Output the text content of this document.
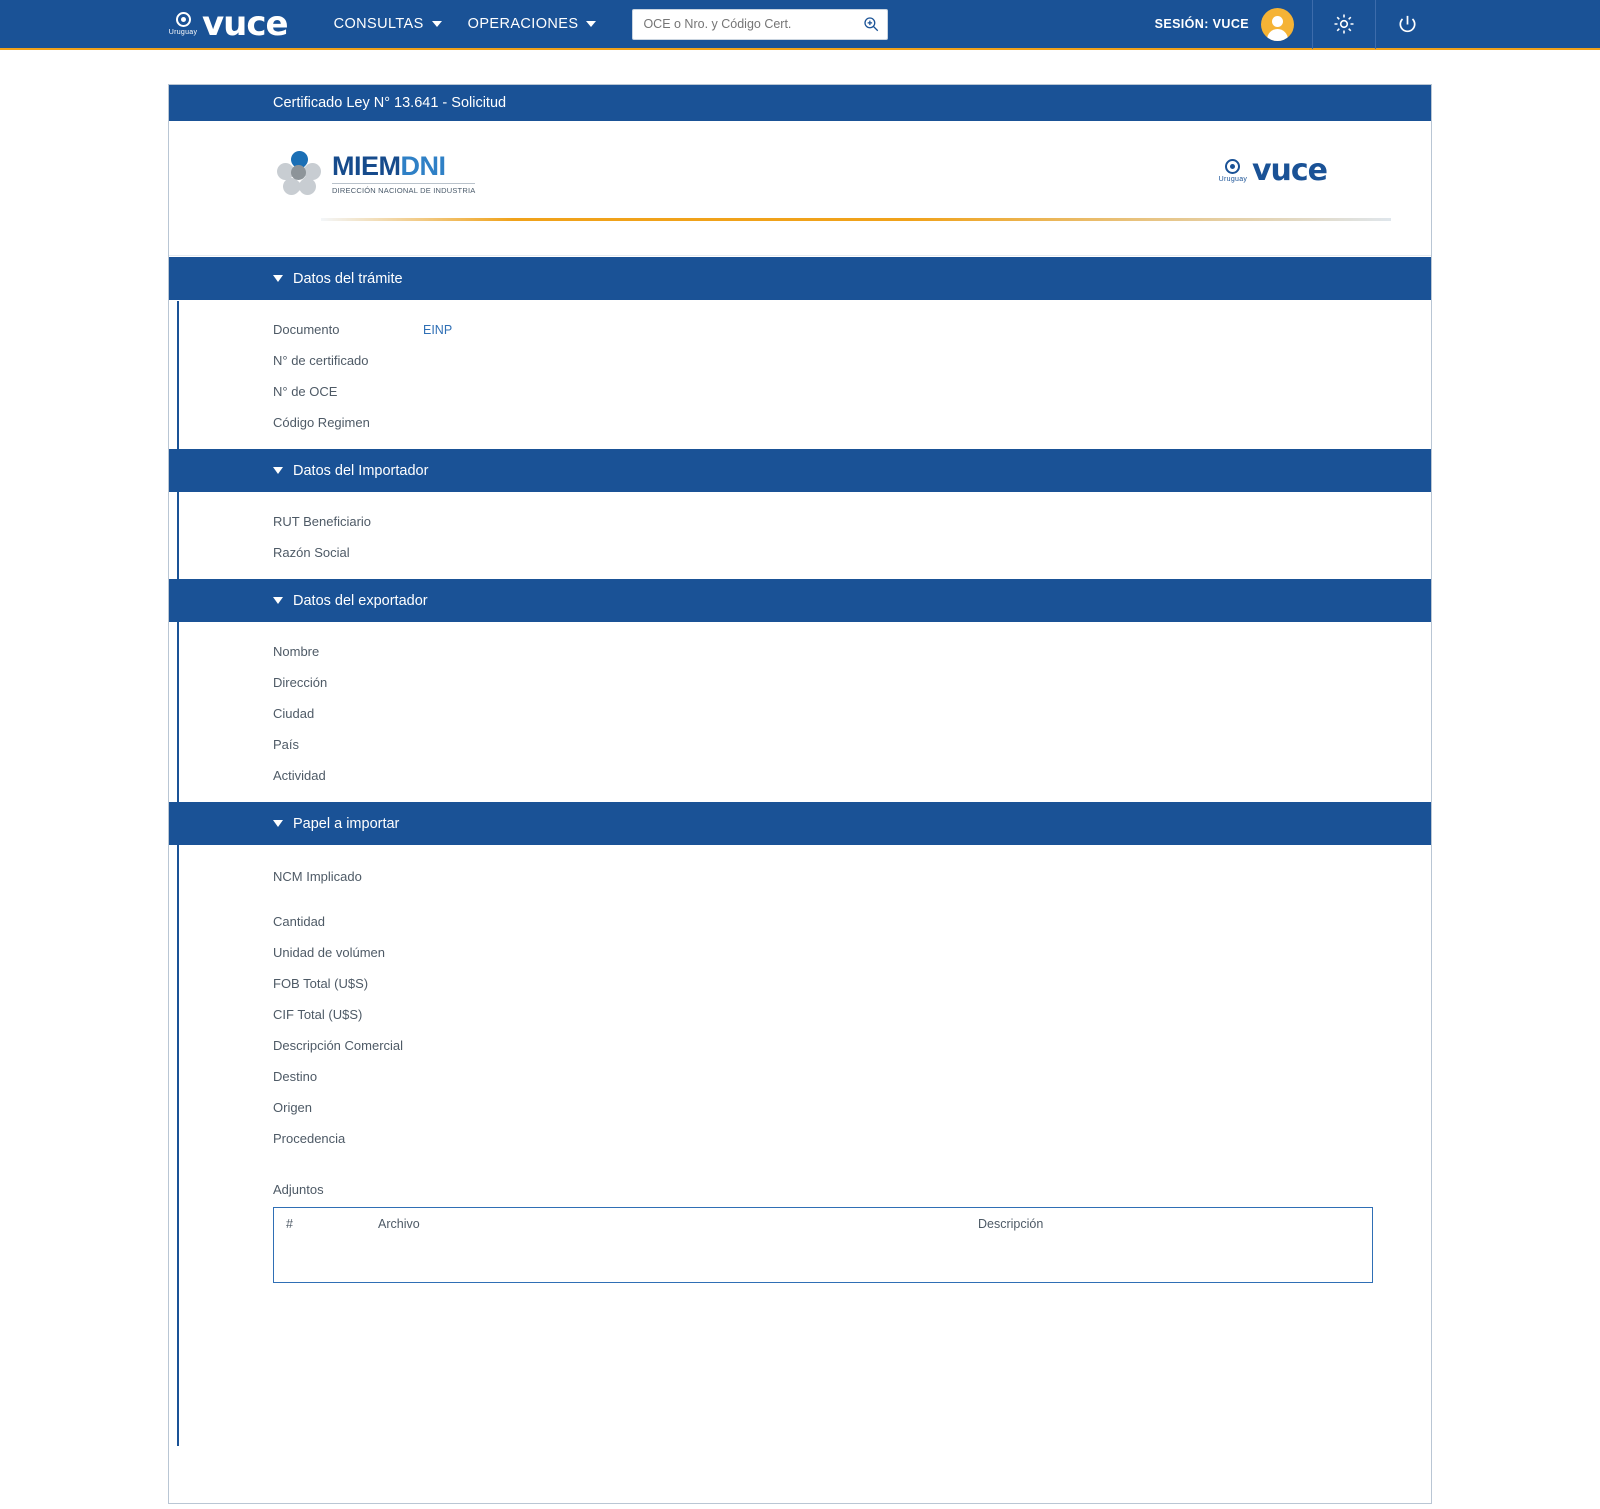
Uruguay vuce	CONSULTAS	OPERACIONES
OCE o Nro. y Código Cert.	SESIÓN: VUCE
Certificado Ley N° 13.641 - Solicitud
MIEMDNI
DIRECCIÓN NACIONAL DE INDUSTRIA
Uruguay vuce
Datos del trámite
Documento	EINP
N° de certificado
N° de OCE
Código Regimen
Datos del Importador
RUT Beneficiario
Razón Social
Datos del exportador
Nombre
Dirección
Ciudad
País
Actividad
Papel a importar
NCM Implicado
Cantidad
Unidad de volúmen
FOB Total (U$S)
CIF Total (U$S)
Descripción Comercial
Destino
Origen
Procedencia
Adjuntos
#	Archivo	Descripción
